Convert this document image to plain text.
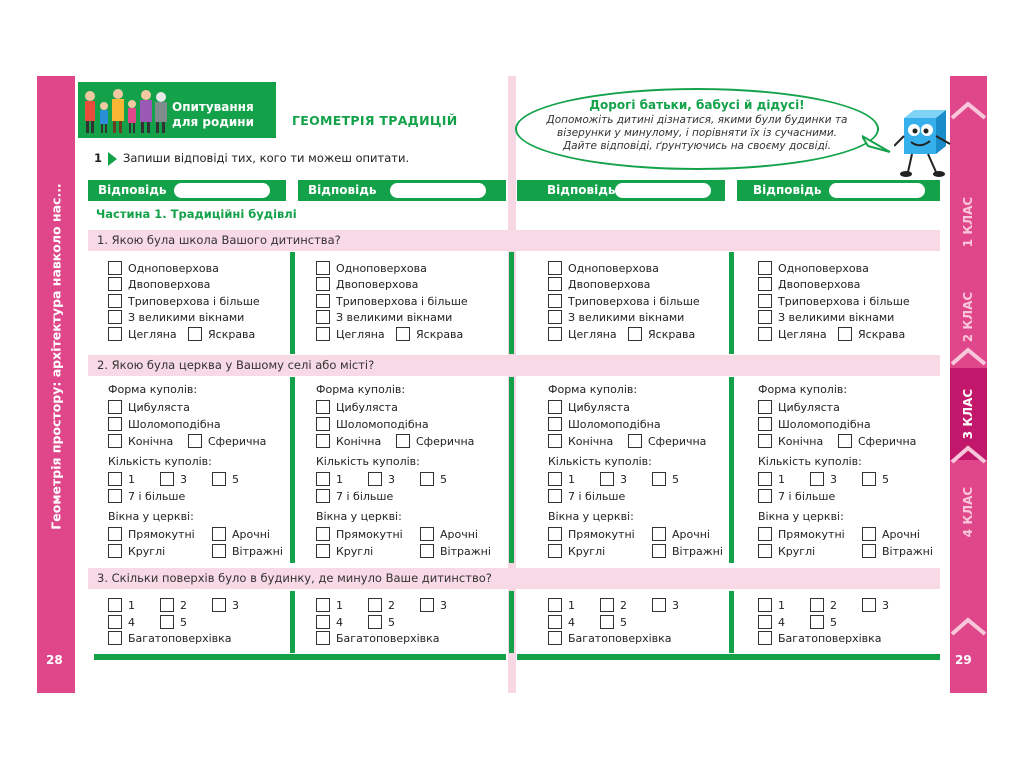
Геометрія простору: архітектура навколо нас...
28
1 КЛАС
2 КЛАС
3 КЛАС
4 КЛАС
29
Опитування
для родини	ГЕОМЕТРІЯ ТРАДИЦІЙ
1 Запиши відповіді тих, кого ти можеш опитати.
Дорогі батьки, бабусі й дідусі!
Допоможіть дитині дізнатися, якими були будинки та візерунки у минулому, і порівняти їх із сучасними. Дайте відповіді, ґрунтуючись на своєму досвіді.
Відповідь	Відповідь	Відповідь	Відповідь
Частина 1. Традиційні будівлі
1. Якою була школа Вашого дитинства?
2. Якою була церква у Вашому селі або місті?
3. Скільки поверхів було в будинку, де минуло Ваше дитинство?
Одноповерхова
Двоповерхова
Триповерхова і більше
З великими вікнами
Цегляна	Яскрава
Форма куполів:
Цибуляста
Шоломоподібна
Конічна	Сферична
Кількість куполів:
1	3	5
7 і більше
Вікна у церкві:
Прямокутні	Арочні
Круглі	Вітражні
1	2	3
4	5
Багатоповерхівка
Одноповерхова
Двоповерхова
Триповерхова і більше
З великими вікнами
Цегляна	Яскрава
Форма куполів:
Цибуляста
Шоломоподібна
Конічна	Сферична
Кількість куполів:
1	3	5
7 і більше
Вікна у церкві:
Прямокутні	Арочні
Круглі	Вітражні
1	2	3
4	5
Багатоповерхівка
Одноповерхова
Двоповерхова
Триповерхова і більше
З великими вікнами
Цегляна	Яскрава
Форма куполів:
Цибуляста
Шоломоподібна
Конічна	Сферична
Кількість куполів:
1	3	5
7 і більше
Вікна у церкві:
Прямокутні	Арочні
Круглі	Вітражні
1	2	3
4	5
Багатоповерхівка
Одноповерхова
Двоповерхова
Триповерхова і більше
З великими вікнами
Цегляна	Яскрава
Форма куполів:
Цибуляста
Шоломоподібна
Конічна	Сферична
Кількість куполів:
1	3	5
7 і більше
Вікна у церкві:
Прямокутні	Арочні
Круглі	Вітражні
1	2	3
4	5
Багатоповерхівка
